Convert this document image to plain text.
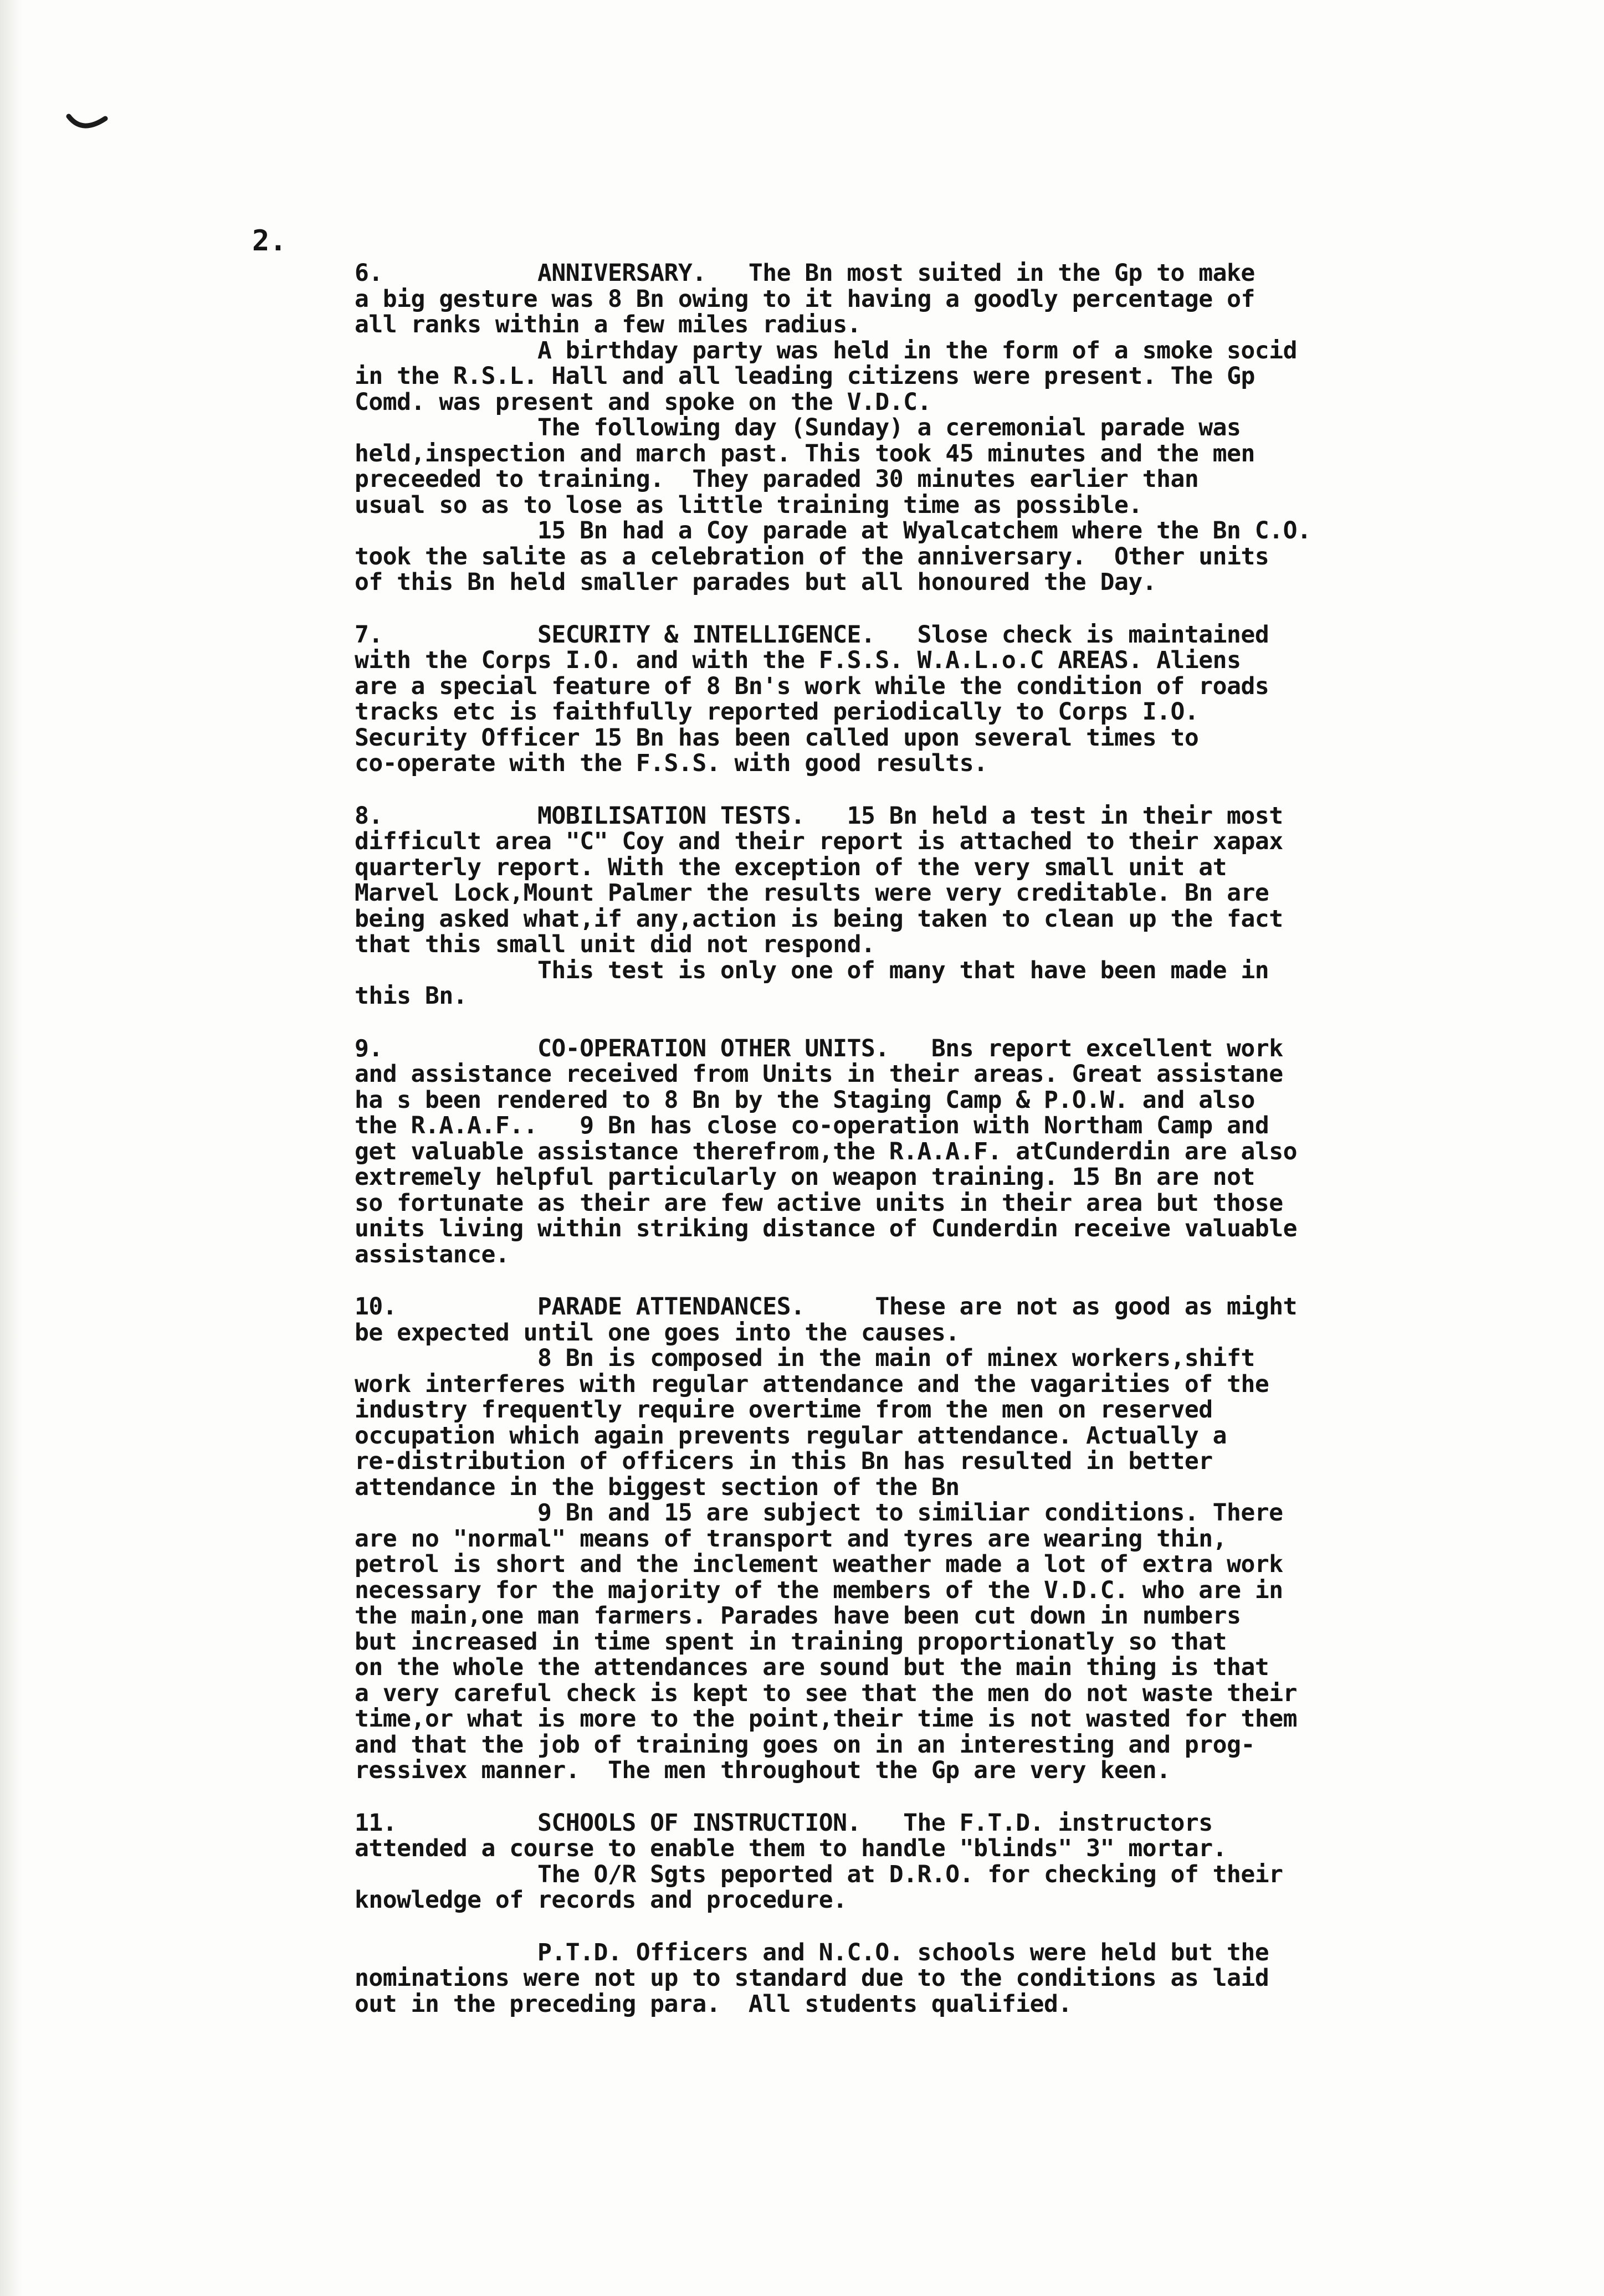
2.
6.	ANNIVERSARY. The Bn most suited in the Gp to make
a big gesture was 8 Bn owing to it having a goodly percentage of
all ranks within a few miles radius.
A birthday party was held in the form of a smoke socid
in the R.S.L. Hall and all leading citizens were present. The Gp
Comd. was present and spoke on the V.D.C.
The following day (Sunday) a ceremonial parade was
held,inspection and march past. This took 45 minutes and the men
preceeded to training.  They paraded 30 minutes earlier than
usual so as to lose as little training time as possible.
15 Bn had a Coy parade at Wyalcatchem where the Bn C.O.
took the salite as a celebration of the anniversary.  Other units
of this Bn held smaller parades but all honoured the Day.
7.	SECURITY & INTELLIGENCE. Slose check is maintained
with the Corps I.O. and with the F.S.S. W.A.L.o.C AREAS. Aliens
are a special feature of 8 Bn's work while the condition of roads
tracks etc is faithfully reported periodically to Corps I.O.
Security Officer 15 Bn has been called upon several times to
co-operate with the F.S.S. with good results.
8.	MOBILISATION TESTS. 15 Bn held a test in their most
difficult area "C" Coy and their report is attached to their xapax
quarterly report. With the exception of the very small unit at
Marvel Lock,Mount Palmer the results were very creditable. Bn are
being asked what,if any,action is being taken to clean up the fact
that this small unit did not respond.
This test is only one of many that have been made in
this Bn.
9.	CO-OPERATION OTHER UNITS. Bns report excellent work
and assistance received from Units in their areas. Great assistane
ha s been rendered to 8 Bn by the Staging Camp & P.O.W. and also
the R.A.A.F..   9 Bn has close co-operation with Northam Camp and
get valuable assistance therefrom,the R.A.A.F. atCunderdin are also
extremely helpful particularly on weapon training. 15 Bn are not
so fortunate as their are few active units in their area but those
units living within striking distance of Cunderdin receive valuable
assistance.
10.	PARADE ATTENDANCES.	These are not as good as might
be expected until one goes into the causes.
8 Bn is composed in the main of minex workers,shift
work interferes with regular attendance and the vagarities of the
industry frequently require overtime from the men on reserved
occupation which again prevents regular attendance. Actually a
re-distribution of officers in this Bn has resulted in better
attendance in the biggest section of the Bn
9 Bn and 15 are subject to similiar conditions. There
are no "normal" means of transport and tyres are wearing thin,
petrol is short and the inclement weather made a lot of extra work
necessary for the majority of the members of the V.D.C. who are in
the main,one man farmers. Parades have been cut down in numbers
but increased in time spent in training proportionatly so that
on the whole the attendances are sound but the main thing is that
a very careful check is kept to see that the men do not waste their
time,or what is more to the point,their time is not wasted for them
and that the job of training goes on in an interesting and prog-
ressivex manner.  The men throughout the Gp are very keen.
11.	SCHOOLS OF INSTRUCTION. The F.T.D. instructors
attended a course to enable them to handle "blinds" 3" mortar.
The O/R Sgts peported at D.R.O. for checking of their
knowledge of records and procedure.
P.T.D. Officers and N.C.O. schools were held but the
nominations were not up to standard due to the conditions as laid
out in the preceding para.  All students qualified.
